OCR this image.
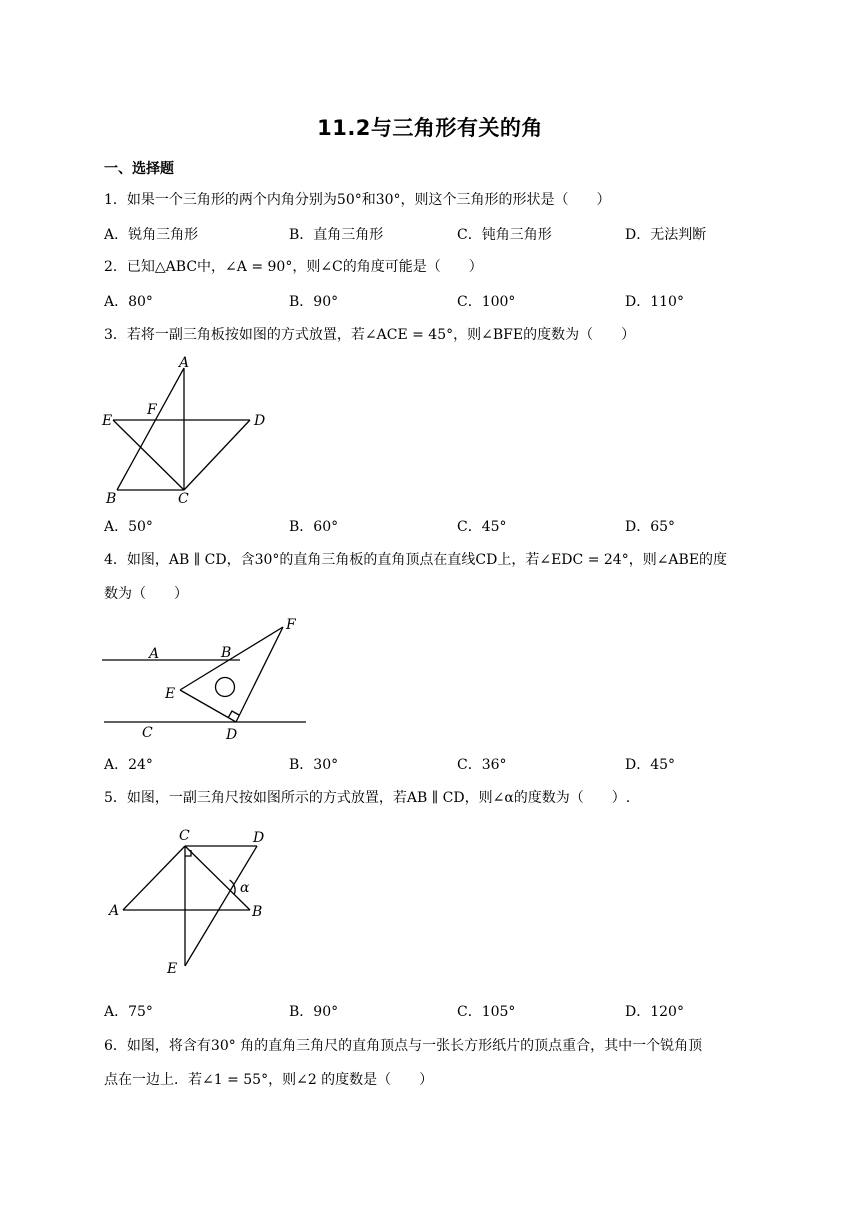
11.2与三角形有关的角
一、选择题
1．如果一个三角形的两个内角分别为50°和30°，则这个三角形的形状是（　　）
A．锐角三角形	B．直角三角形	C．钝角三角形	D．无法判断
2．已知△ABC中，∠A = 90°，则∠C的角度可能是（　　）
A．80°	B．90°	C．100°	D．110°
3．若将一副三角板按如图的方式放置，若∠ACE = 45°，则∠BFE的度数为（　　）
A
F
E	D
B	C
A．50°	B．60°	C．45°	D．65°
4．如图，AB ∥ CD，含30°的直角三角板的直角顶点在直线CD上，若∠EDC = 24°，则∠ABE的度
数为（　　）
F
A	B
E
C	D
A．24°	B．30°	C．36°	D．45°
5．如图，一副三角尺按如图所示的方式放置，若AB ∥ CD，则∠α的度数为（　　）.
C	D
α
A	B
E
A．75°	B．90°	C．105°	D．120°
6．如图，将含有30° 角的直角三角尺的直角顶点与一张长方形纸片的顶点重合，其中一个锐角顶
点在一边上．若∠1 = 55°，则∠2 的度数是（　　）
